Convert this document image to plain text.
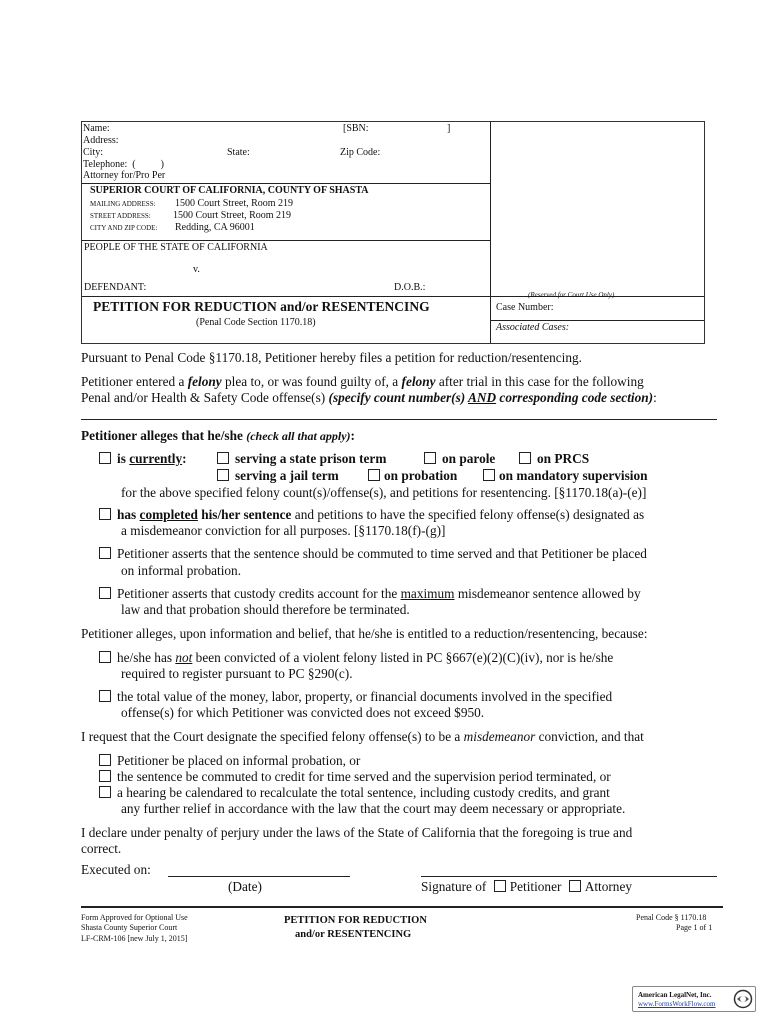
Name:	[SBN:	]
Address:
City:	State:	Zip Code:
Telephone:  (          )
Attorney for/Pro Per
SUPERIOR COURT OF CALIFORNIA, COUNTY OF SHASTA
MAILING ADDRESS: 1500 Court Street, Room 219
STREET ADDRESS: 1500 Court Street, Room 219
CITY AND ZIP CODE: Redding, CA 96001
PEOPLE OF THE STATE OF CALIFORNIA
v.
DEFENDANT:	D.O.B.:
(Reserved for Court Use Only)
PETITION FOR REDUCTION and/or RESENTENCING
(Penal Code Section 1170.18)
Case Number:
Associated Cases:
Pursuant to Penal Code §1170.18, Petitioner hereby files a petition for reduction/resentencing.
Petitioner entered a felony plea to, or was found guilty of, a felony after trial in this case for the following
Penal and/or Health & Safety Code offense(s) (specify count number(s) AND corresponding code section):
Petitioner alleges that he/she (check all that apply):
is currently:	serving a state prison term	on parole	on PRCS
serving a jail term	on probation	on mandatory supervision
for the above specified felony count(s)/offense(s), and petitions for resentencing. [§1170.18(a)-(e)]
has completed his/her sentence and petitions to have the specified felony offense(s) designated as
a misdemeanor conviction for all purposes. [§1170.18(f)-(g)]
Petitioner asserts that the sentence should be commuted to time served and that Petitioner be placed
on informal probation.
Petitioner asserts that custody credits account for the maximum misdemeanor sentence allowed by
law and that probation should therefore be terminated.
Petitioner alleges, upon information and belief, that he/she is entitled to a reduction/resentencing, because:
he/she has not been convicted of a violent felony listed in PC §667(e)(2)(C)(iv), nor is he/she
required to register pursuant to PC §290(c).
the total value of the money, labor, property, or financial documents involved in the specified
offense(s) for which Petitioner was convicted does not exceed $950.
I request that the Court designate the specified felony offense(s) to be a misdemeanor conviction, and that
Petitioner be placed on informal probation, or
the sentence be commuted to credit for time served and the supervision period terminated, or
a hearing be calendared to recalculate the total sentence, including custody credits, and grant
any further relief in accordance with the law that the court may deem necessary or appropriate.
I declare under penalty of perjury under the laws of the State of California that the foregoing is true and
correct.
Executed on:
(Date)	Signature of Petitioner Attorney
Form Approved for Optional Use
Shasta County Superior Court
LF-CRM-106 [new July 1, 2015]
PETITION FOR REDUCTION
and/or RESENTENCING
Penal Code § 1170.18
Page 1 of 1
American LegalNet, Inc.
www.FormsWorkFlow.com
